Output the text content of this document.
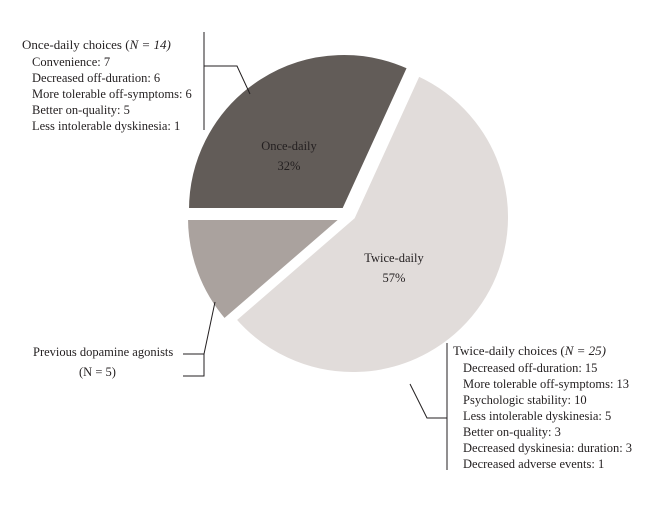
Once-daily
32%
Twice-daily
57%
Once-daily choices (N = 14)
Convenience: 7
Decreased off-duration: 6
More tolerable off-symptoms: 6
Better on-quality: 5
Less intolerable dyskinesia: 1
Previous dopamine agonists
(N = 5)
Twice-daily choices (N = 25)
Decreased off-duration: 15
More tolerable off-symptoms: 13
Psychologic stability: 10
Less intolerable dyskinesia: 5
Better on-quality: 3
Decreased dyskinesia: duration: 3
Decreased adverse events: 1
